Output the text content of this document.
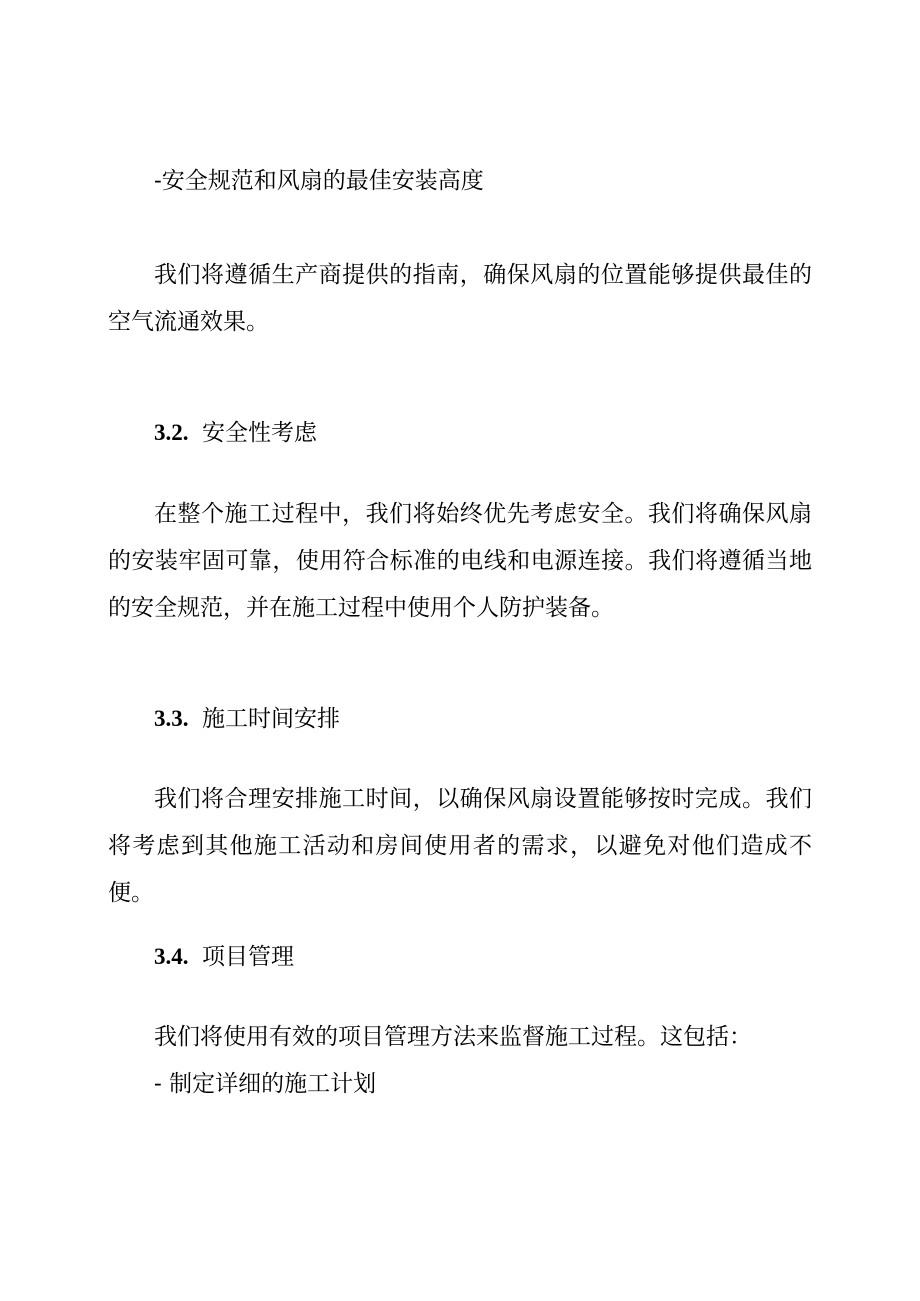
-安全规范和风扇的最佳安装高度
我们将遵循生产商提供的指南，确保风扇的位置能够提供最佳的空气流通效果。
3.2. 安全性考虑
在整个施工过程中，我们将始终优先考虑安全。我们将确保风扇的安装牢固可靠，使用符合标准的电线和电源连接。我们将遵循当地的安全规范，并在施工过程中使用个人防护装备。
3.3. 施工时间安排
我们将合理安排施工时间，以确保风扇设置能够按时完成。我们将考虑到其他施工活动和房间使用者的需求，以避免对他们造成不便。
3.4. 项目管理
我们将使用有效的项目管理方法来监督施工过程。这包括：
- 制定详细的施工计划
